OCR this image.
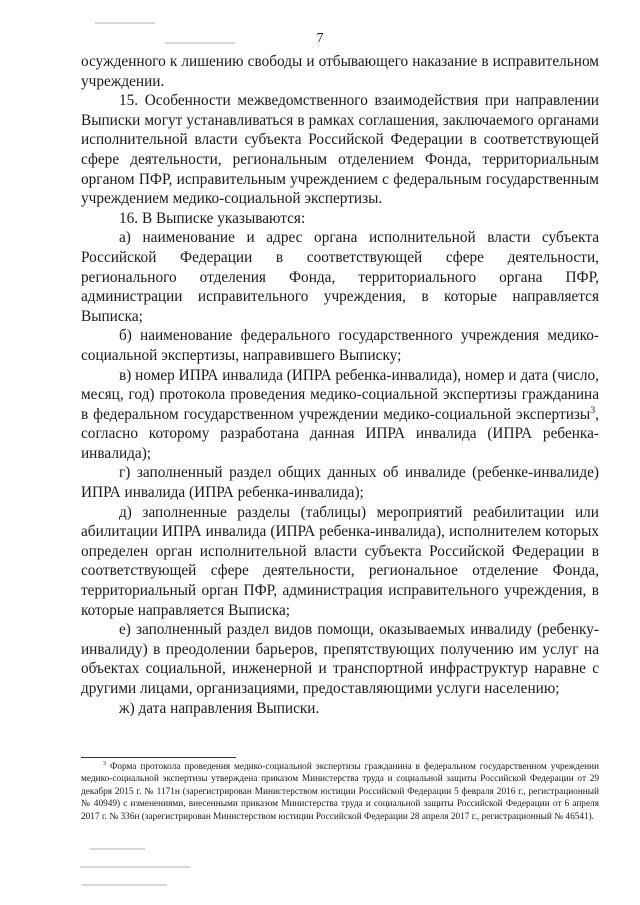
7

осужденного к лишению свободы и отбывающего наказание в исправительном учреждении.

15. Особенности межведомственного взаимодействия при направлении Выписки могут устанавливаться в рамках соглашения, заключаемого органами исполнительной власти субъекта Российской Федерации в соответствующей сфере деятельности, региональным отделением Фонда, территориальным органом ПФР, исправительным учреждением с федеральным государственным учреждением медико-социальной экспертизы.

16. В Выписке указываются:

а) наименование и адрес органа исполнительной власти субъекта Российской Федерации в соответствующей сфере деятельности, регионального отделения Фонда, территориального органа ПФР, администрации исправительного учреждения, в которые направляется Выписка;

б) наименование федерального государственного учреждения медико-социальной экспертизы, направившего Выписку;

в) номер ИПРА инвалида (ИПРА ребенка-инвалида), номер и дата (число, месяц, год) протокола проведения медико-социальной экспертизы гражданина в федеральном государственном учреждении медико-социальной экспертизы$^3$, согласно которому разработана данная ИПРА инвалида (ИПРА ребенка-инвалида);

г) заполненный раздел общих данных об инвалиде (ребенке-инвалиде) ИПРА инвалида (ИПРА ребенка-инвалида);

д) заполненные разделы (таблицы) мероприятий реабилитации или абилитации ИПРА инвалида (ИПРА ребенка-инвалида), исполнителем которых определен орган исполнительной власти субъекта Российской Федерации в соответствующей сфере деятельности, региональное отделение Фонда, территориальный орган ПФР, администрация исправительного учреждения, в которые направляется Выписка;

е) заполненный раздел видов помощи, оказываемых инвалиду (ребенку-инвалиду) в преодолении барьеров, препятствующих получению им услуг на объектах социальной, инженерной и транспортной инфраструктур наравне с другими лицами, организациями, предоставляющими услуги населению;

ж) дата направления Выписки.

$^3$ Форма протокола проведения медико-социальной экспертизы гражданина в федеральном государственном учреждении медико-социальной экспертизы утверждена приказом Министерства труда и социальной защиты Российской Федерации от 29 декабря 2015 г. № 1171н (зарегистрирован Министерством юстиции Российской Федерации 5 февраля 2016 г., регистрационный № 40949) с изменениями, внесенными приказом Министерства труда и социальной защиты Российской Федерации от 6 апреля 2017 г. № 336н (зарегистрирован Министерством юстиции Российской Федерации 28 апреля 2017 г., регистрационный № 46541).
